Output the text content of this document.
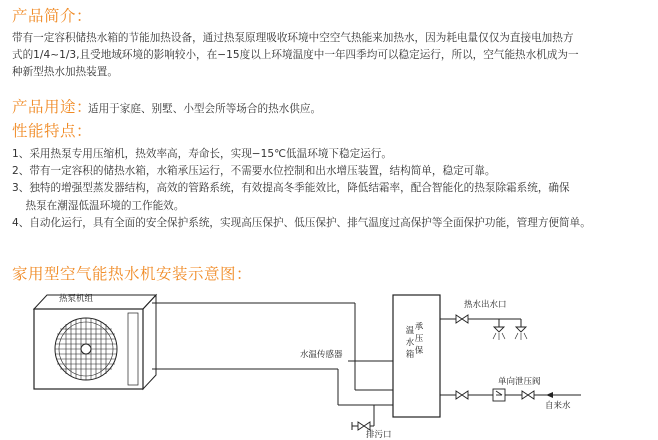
产品简介：
带有一定容积储热水箱的节能加热设备，通过热泵原理吸收环境中空空气热能来加热水，因为耗电量仅仅为直接电加热方
式的1/4~1/3,且受地域环境的影响较小，在−15度以上环境温度中一年四季均可以稳定运行，所以，空气能热水机成为一
种新型热水加热装置。
产品用途：
适用于家庭、别墅、小型会所等场合的热水供应。
性能特点：
1、采用热泵专用压缩机，热效率高，寿命长，实现−15℃低温环境下稳定运行。
2、带有一定容积的储热水箱，水箱承压运行，不需要水位控制和出水增压装置，结构简单，稳定可靠。
3、独特的增强型蒸发器结构，高效的管路系统，有效提高冬季能效比，降低结霜率，配合智能化的热泵除霜系统，确保
热泵在潮湿低温环境的工作能效。
4、自动化运行，具有全面的安全保护系统，实现高压保护、低压保护、排气温度过高保护等全面保护功能，管理方便简单。
家用型空气能热水机安装示意图：
热泵机组
承
压
保
温
水
箱
水温传感器
热水出水口
单向泄压阀
自来水
排污口
